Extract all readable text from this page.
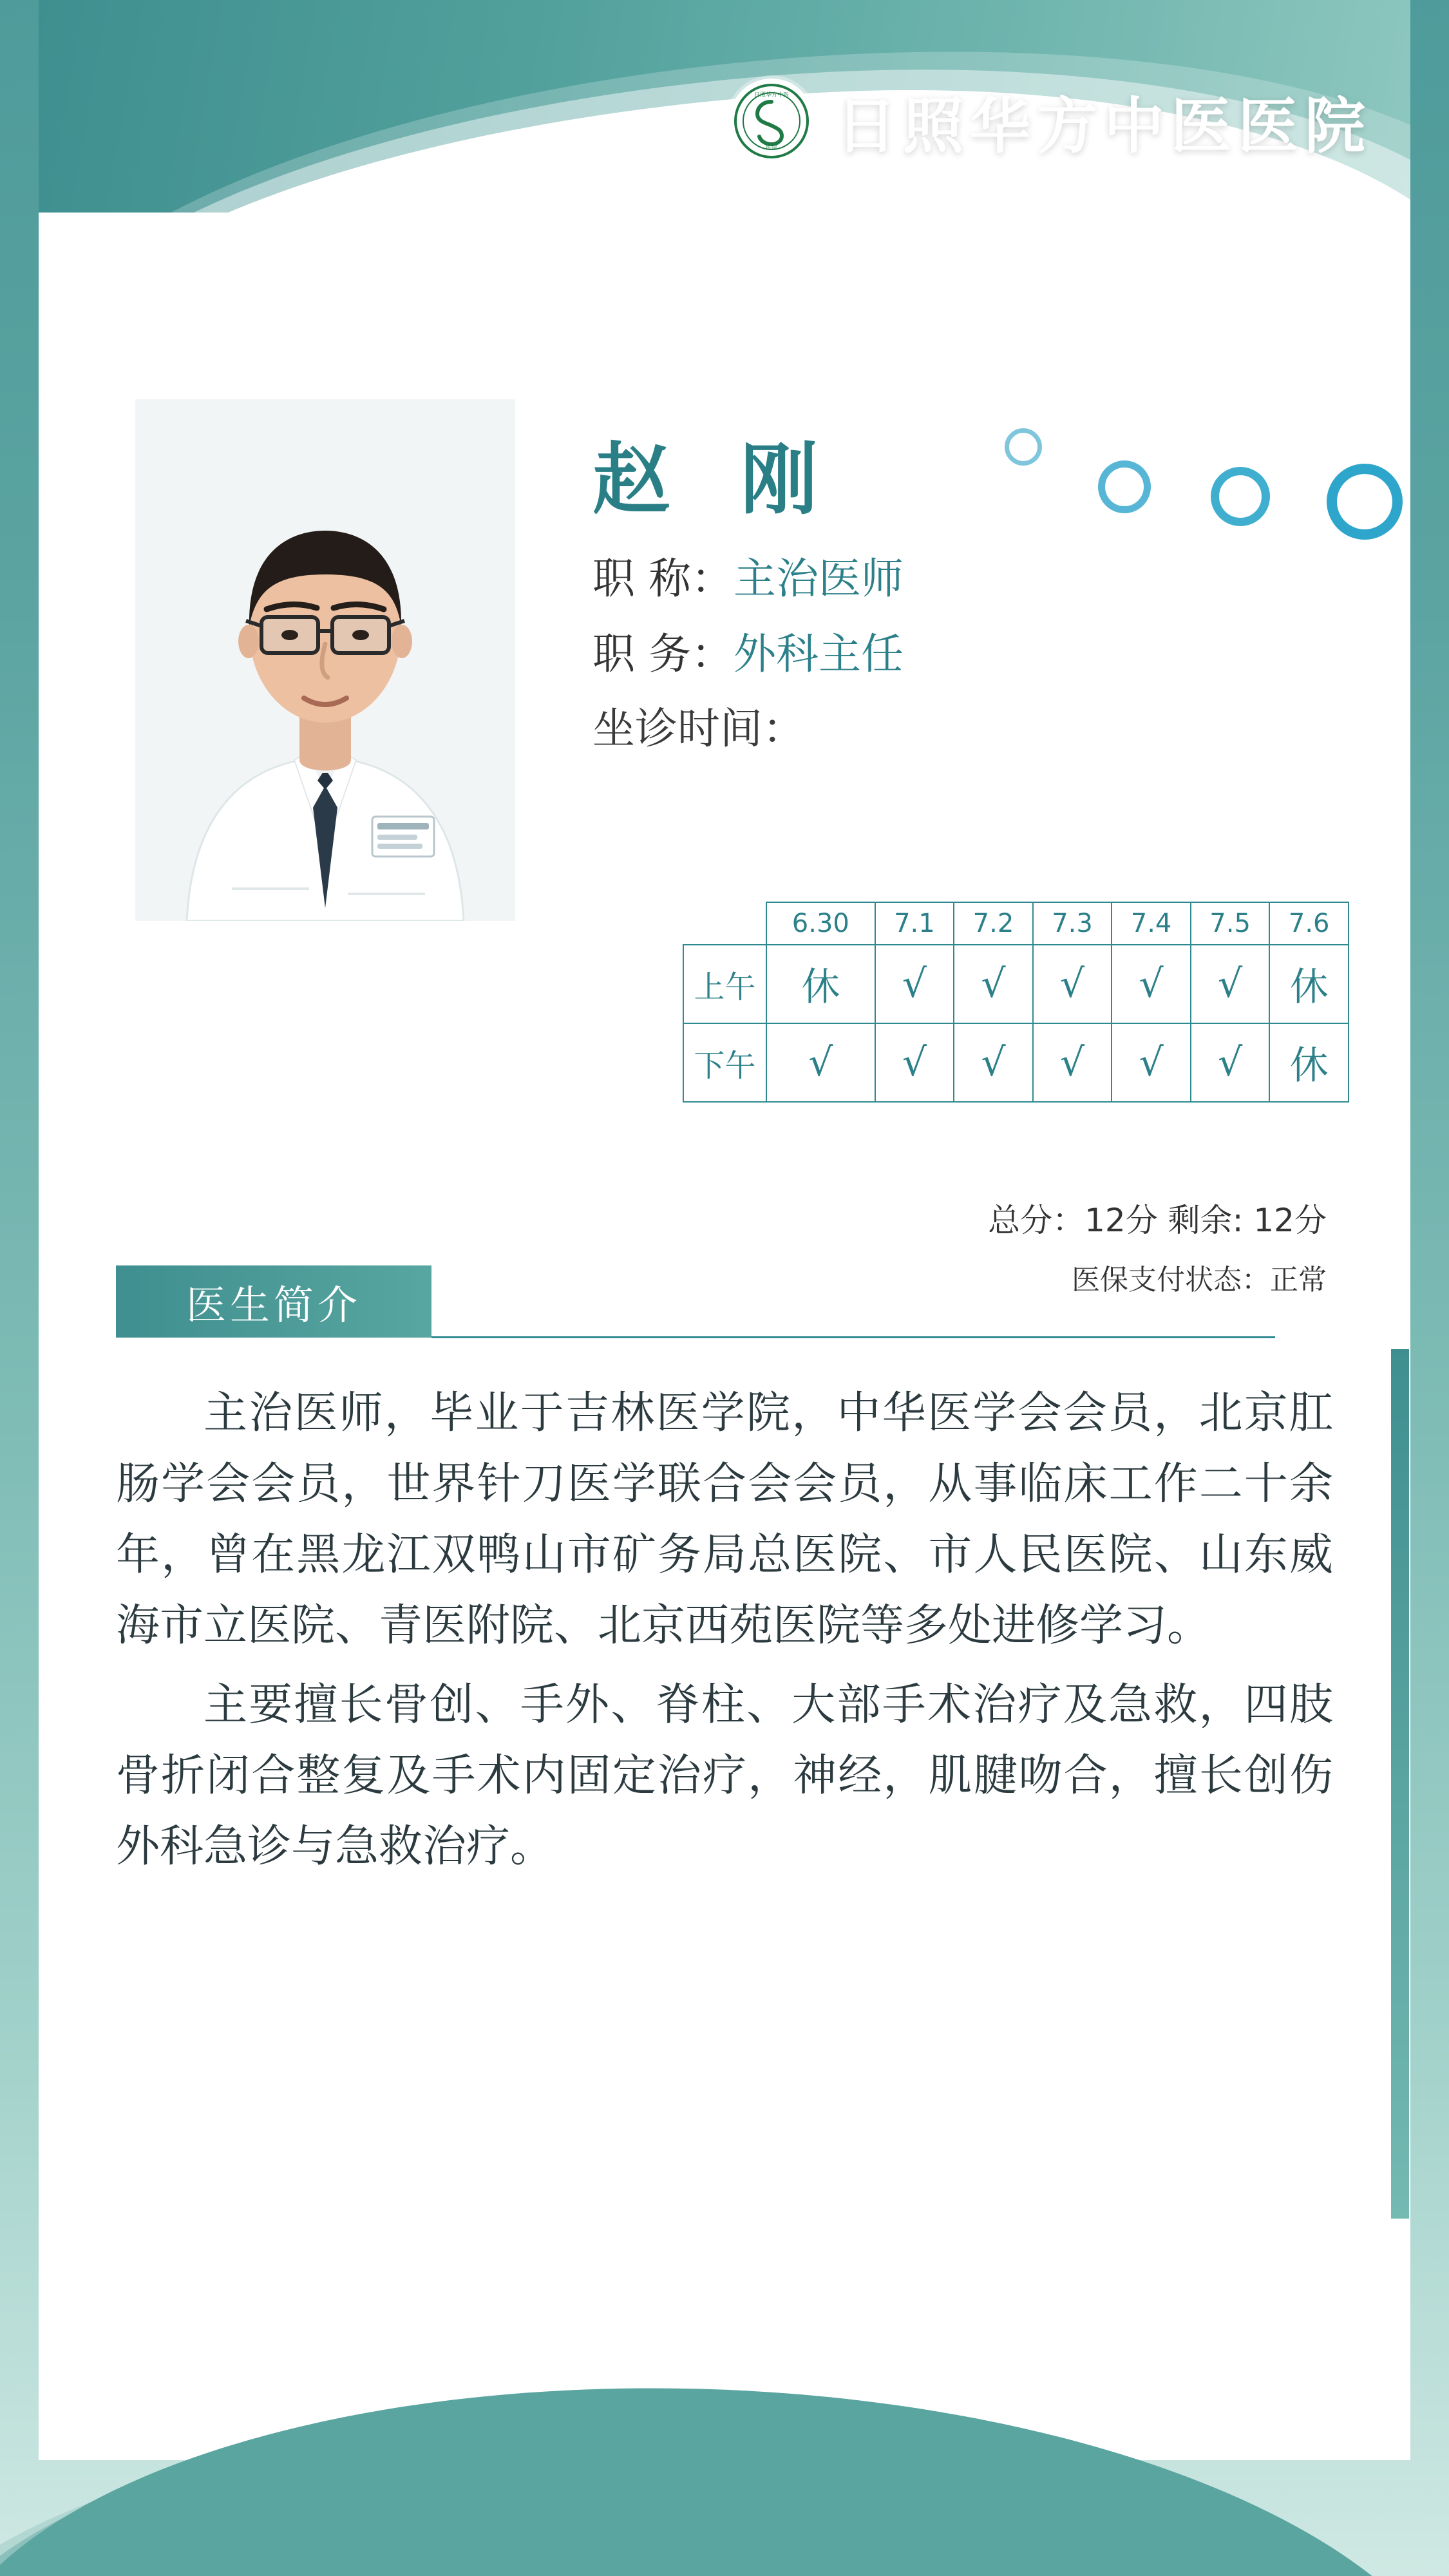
日照华方中医
医院 日照华方中医医院
赵 刚
职 称：主治医师
职 务：外科主任
坐诊时间：
	6.30	7.1	7.2	7.3	7.4	7.5	7.6
上午	休	√	√	√	√	√	休
下午	√	√	√	√	√	√	休
总分：12分 剩余: 12分
医保支付状态：正常
医生简介

主治医师，毕业于吉林医学院，中华医学会会员，北京肛肠学会会员，世界针刀医学联合会会员，从事临床工作二十余年，曾在黑龙江双鸭山市矿务局总医院、市人民医院、山东威海市立医院、青医附院、北京西苑医院等多处进修学习。

主要擅长骨创、手外、脊柱、大部手术治疗及急救，四肢骨折闭合整复及手术内固定治疗，神经，肌腱吻合，擅长创伤外科急诊与急救治疗。
